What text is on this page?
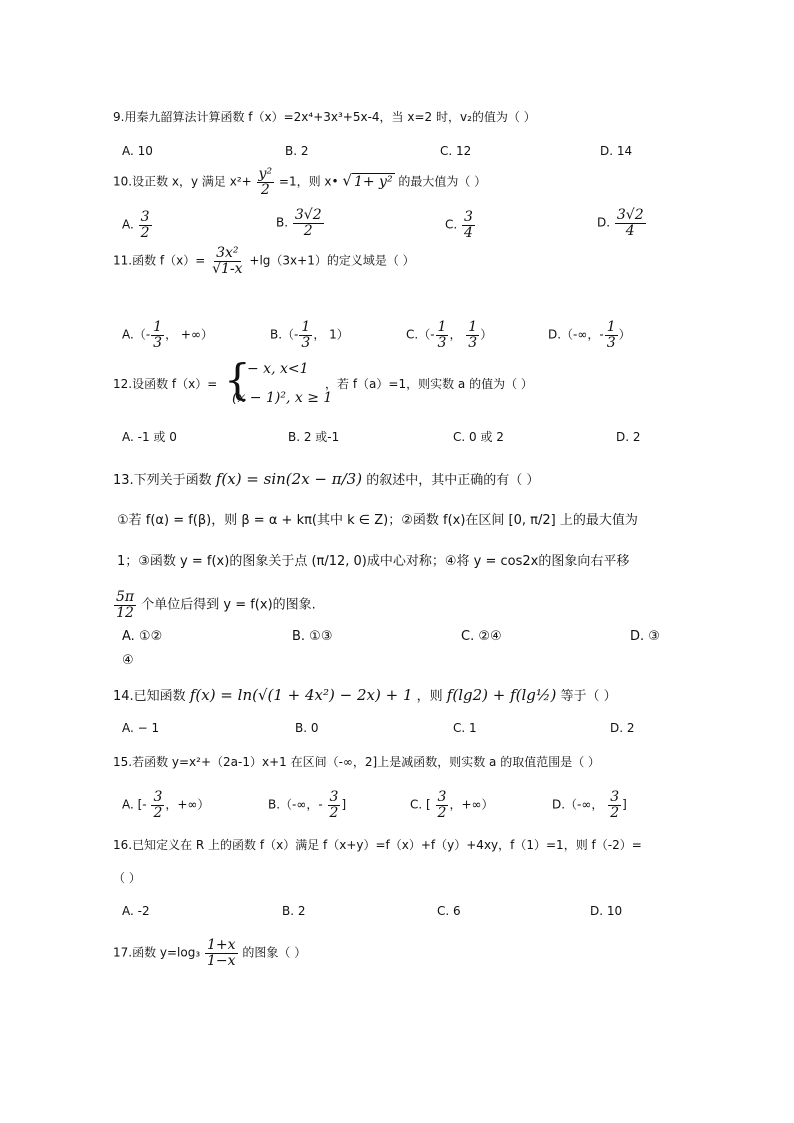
9.用秦九韶算法计算函数 f（x）=2x⁴+3x³+5x-4，当 x=2 时，v₂的值为（ ）
A. 10	B. 2	C. 12	D. 14
10.设正数 x，y 满足 $x^2+ \frac{\text{y²}}{2} =1$，则 x• √ 1+ y² 的最大值为（ ）
A. $\frac{3}{2}$	B. $\frac{3√2}{2}$	C. $\frac{3}{4}$	D. $\frac{3√2}{4}$
11.函数 $f(x)= \frac{\text{3x²}}{√1-x} +\lg(3x+1)$的定义域是（ ）
$A.(- \frac{1}{3}$ ， +∞）	$B.(- \frac{1}{3}$ ， 1）	$C.(- \frac{1}{3}$ ， $\frac{1}{3}$ ）	D.（-∞，- $\frac{1}{3}$ ）
12.设函数 f（x）= {
− x, x<1
(x − 1)², x ≥ 1
，若 f（a）=1，则实数 a 的值为（ ）
A. -1 或 0	B. 2 或-1	C. 0 或 2	D. 2
13.下列关于函数 f(x) = sin(2x − π/3) 的叙述中，其中正确的有（ ）
①若 f(α) = f(β)，则 β = α + kπ(其中 k ∈ Z)；②函数 f(x)在区间 [0, π/2] 上的最大值为
1；③函数 y = f(x)的图象关于点 (π/12, 0)成中心对称；④将 y = cos2x的图象向右平移
$\frac{5\pi}{12}$ 个单位后得到 y = f(x)的图象.
A. ①②	B. ①③	C. ②④	D. ③
④
14.已知函数 f(x) = ln(√(1 + 4x²) − 2x) + 1 ，则 f(lg2) + f(lg½) 等于（ ）
A. − 1	B. 0	C. 1	D. 2
15.若函数 y=x²+（2a-1）x+1 在区间（-∞，2]上是减函数，则实数 a 的取值范围是（ ）
A. [- $\frac{3}{2}$ ，+∞）	B.（-∞，- $\frac{3}{2}$ ]	C. [ $\frac{3}{2}$ ，+∞）	D.（-∞， $\frac{3}{2}$ ]
16.已知定义在 R 上的函数 f（x）满足 f（x+y）=f（x）+f（y）+4xy，f（1）=1，则 f（-2）=
（ ）
A. -2	B. 2	C. 6	D. 10
17.函数 $y=\log_3 \frac{1+x}{1-x}$ 的图象（ ）
